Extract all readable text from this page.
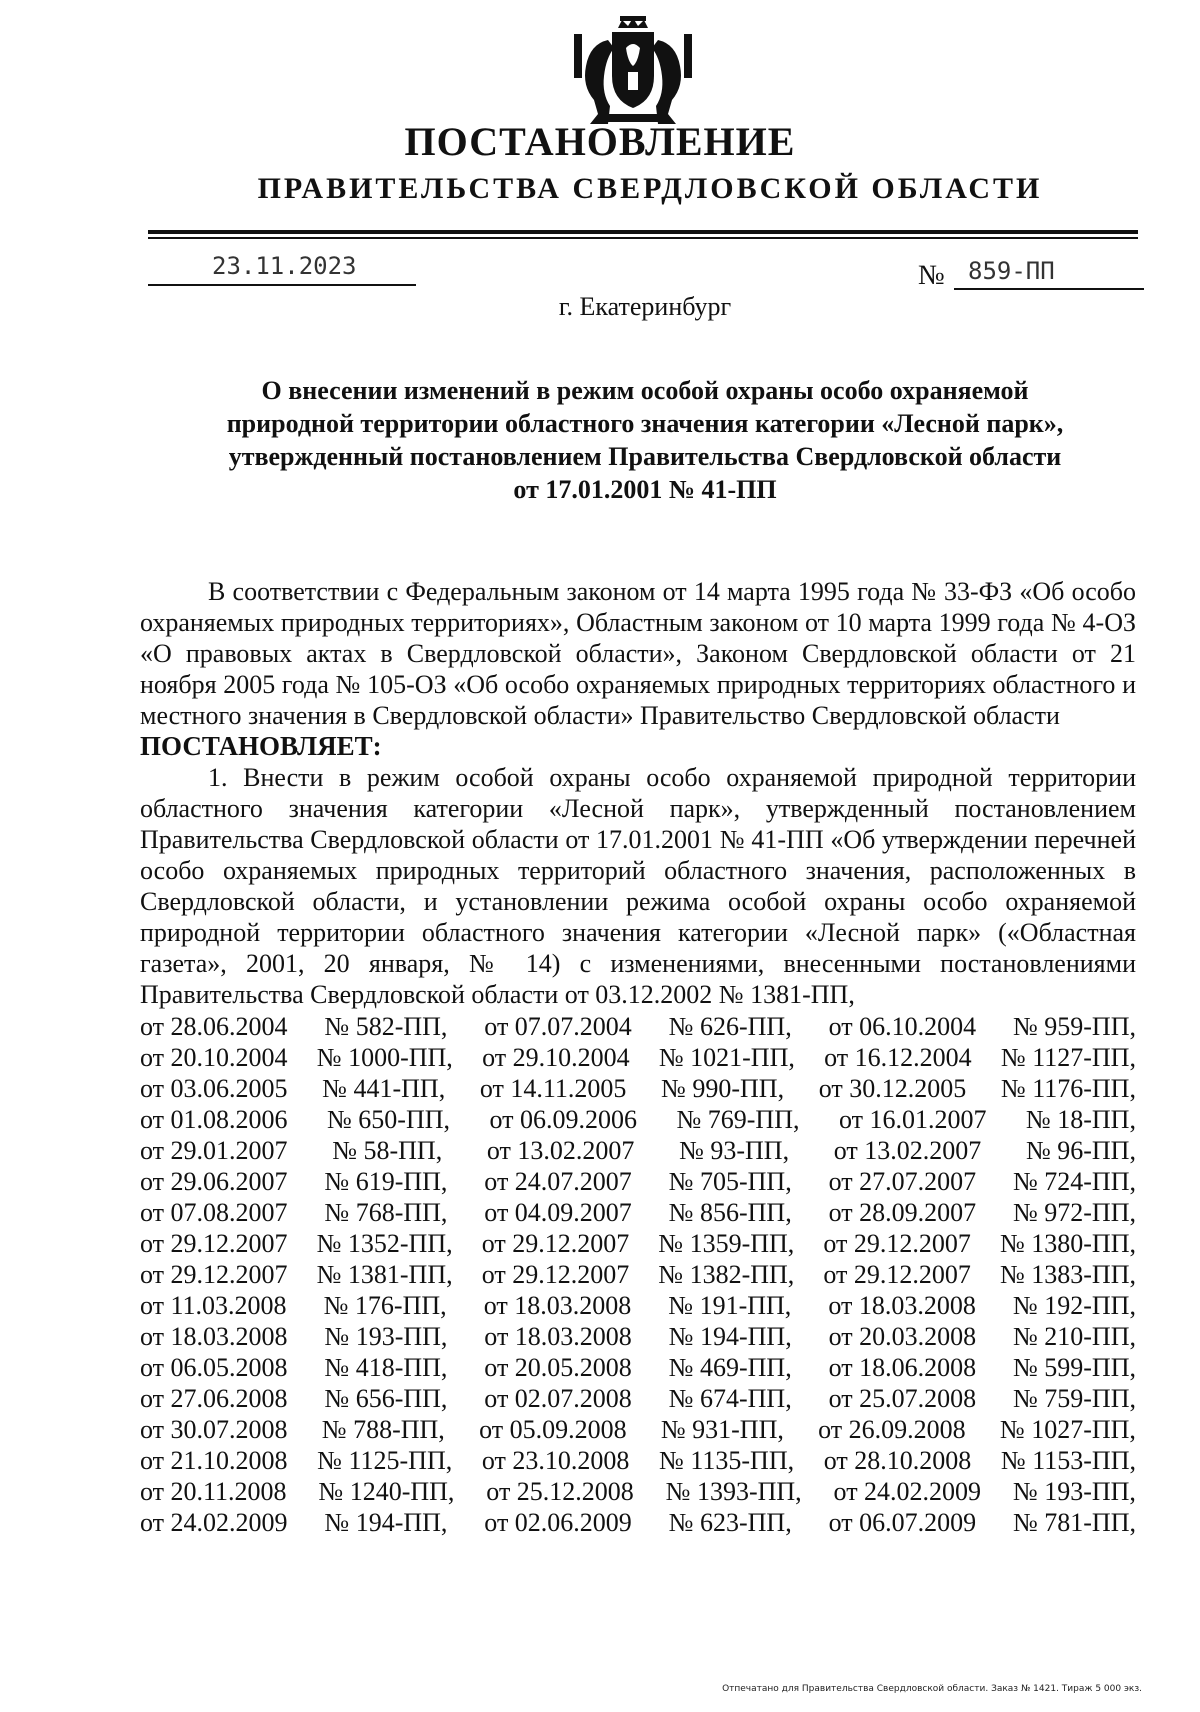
ПОСТАНОВЛЕНИЕ
ПРАВИТЕЛЬСТВА СВЕРДЛОВСКОЙ ОБЛАСТИ
23.11.2023	№ 859-ПП
г. Екатеринбург
О внесении изменений в режим особой охраны особо охраняемой
природной территории областного значения категории «Лесной парк»,
утвержденный постановлением Правительства Свердловской области
от 17.01.2001 № 41-ПП

В соответствии с Федеральным законом от 14 марта 1995 года № 33-ФЗ «Об особо охраняемых природных территориях», Областным законом от 10 марта 1999 года № 4-ОЗ «О правовых актах в Свердловской области», Законом Свердловской области от 21 ноября 2005 года № 105-ОЗ «Об особо охраняемых природных территориях областного и местного значения в Свердловской области» Правительство Свердловской области

ПОСТАНОВЛЯЕТ:

1. Внести в режим особой охраны особо охраняемой природной территории областного значения категории «Лесной парк», утвержденный постановлением Правительства Свердловской области от 17.01.2001 № 41-ПП «Об утверждении перечней особо охраняемых природных территорий областного значения, расположенных в Свердловской области, и установлении режима особой охраны особо охраняемой природной территории областного значения категории «Лесной парк» («Областная газета», 2001, 20 января, № 14) с изменениями, внесенными постановлениями Правительства Свердловской области от 03.12.2002 № 1381-ПП,

от 28.06.2004 № 582-ПП, от 07.07.2004 № 626-ПП, от 06.10.2004 № 959-ПП,
от 20.10.2004 № 1000-ПП, от 29.10.2004 № 1021-ПП, от 16.12.2004 № 1127-ПП,
от 03.06.2005 № 441-ПП, от 14.11.2005 № 990-ПП, от 30.12.2005 № 1176-ПП,
от 01.08.2006 № 650-ПП, от 06.09.2006 № 769-ПП, от 16.01.2007 № 18-ПП,
от 29.01.2007 № 58-ПП, от 13.02.2007 № 93-ПП, от 13.02.2007 № 96-ПП,
от 29.06.2007 № 619-ПП, от 24.07.2007 № 705-ПП, от 27.07.2007 № 724-ПП,
от 07.08.2007 № 768-ПП, от 04.09.2007 № 856-ПП, от 28.09.2007 № 972-ПП,
от 29.12.2007 № 1352-ПП, от 29.12.2007 № 1359-ПП, от 29.12.2007 № 1380-ПП,
от 29.12.2007 № 1381-ПП, от 29.12.2007 № 1382-ПП, от 29.12.2007 № 1383-ПП,
от 11.03.2008 № 176-ПП, от 18.03.2008 № 191-ПП, от 18.03.2008 № 192-ПП,
от 18.03.2008 № 193-ПП, от 18.03.2008 № 194-ПП, от 20.03.2008 № 210-ПП,
от 06.05.2008 № 418-ПП, от 20.05.2008 № 469-ПП, от 18.06.2008 № 599-ПП,
от 27.06.2008 № 656-ПП, от 02.07.2008 № 674-ПП, от 25.07.2008 № 759-ПП,
от 30.07.2008 № 788-ПП, от 05.09.2008 № 931-ПП, от 26.09.2008 № 1027-ПП,
от 21.10.2008 № 1125-ПП, от 23.10.2008 № 1135-ПП, от 28.10.2008 № 1153-ПП,
от 20.11.2008 № 1240-ПП, от 25.12.2008 № 1393-ПП, от 24.02.2009 № 193-ПП,
от 24.02.2009 № 194-ПП, от 02.06.2009 № 623-ПП, от 06.07.2009 № 781-ПП,
Отпечатано для Правительства Свердловской области. Заказ № 1421. Тираж 5 000 экз.
